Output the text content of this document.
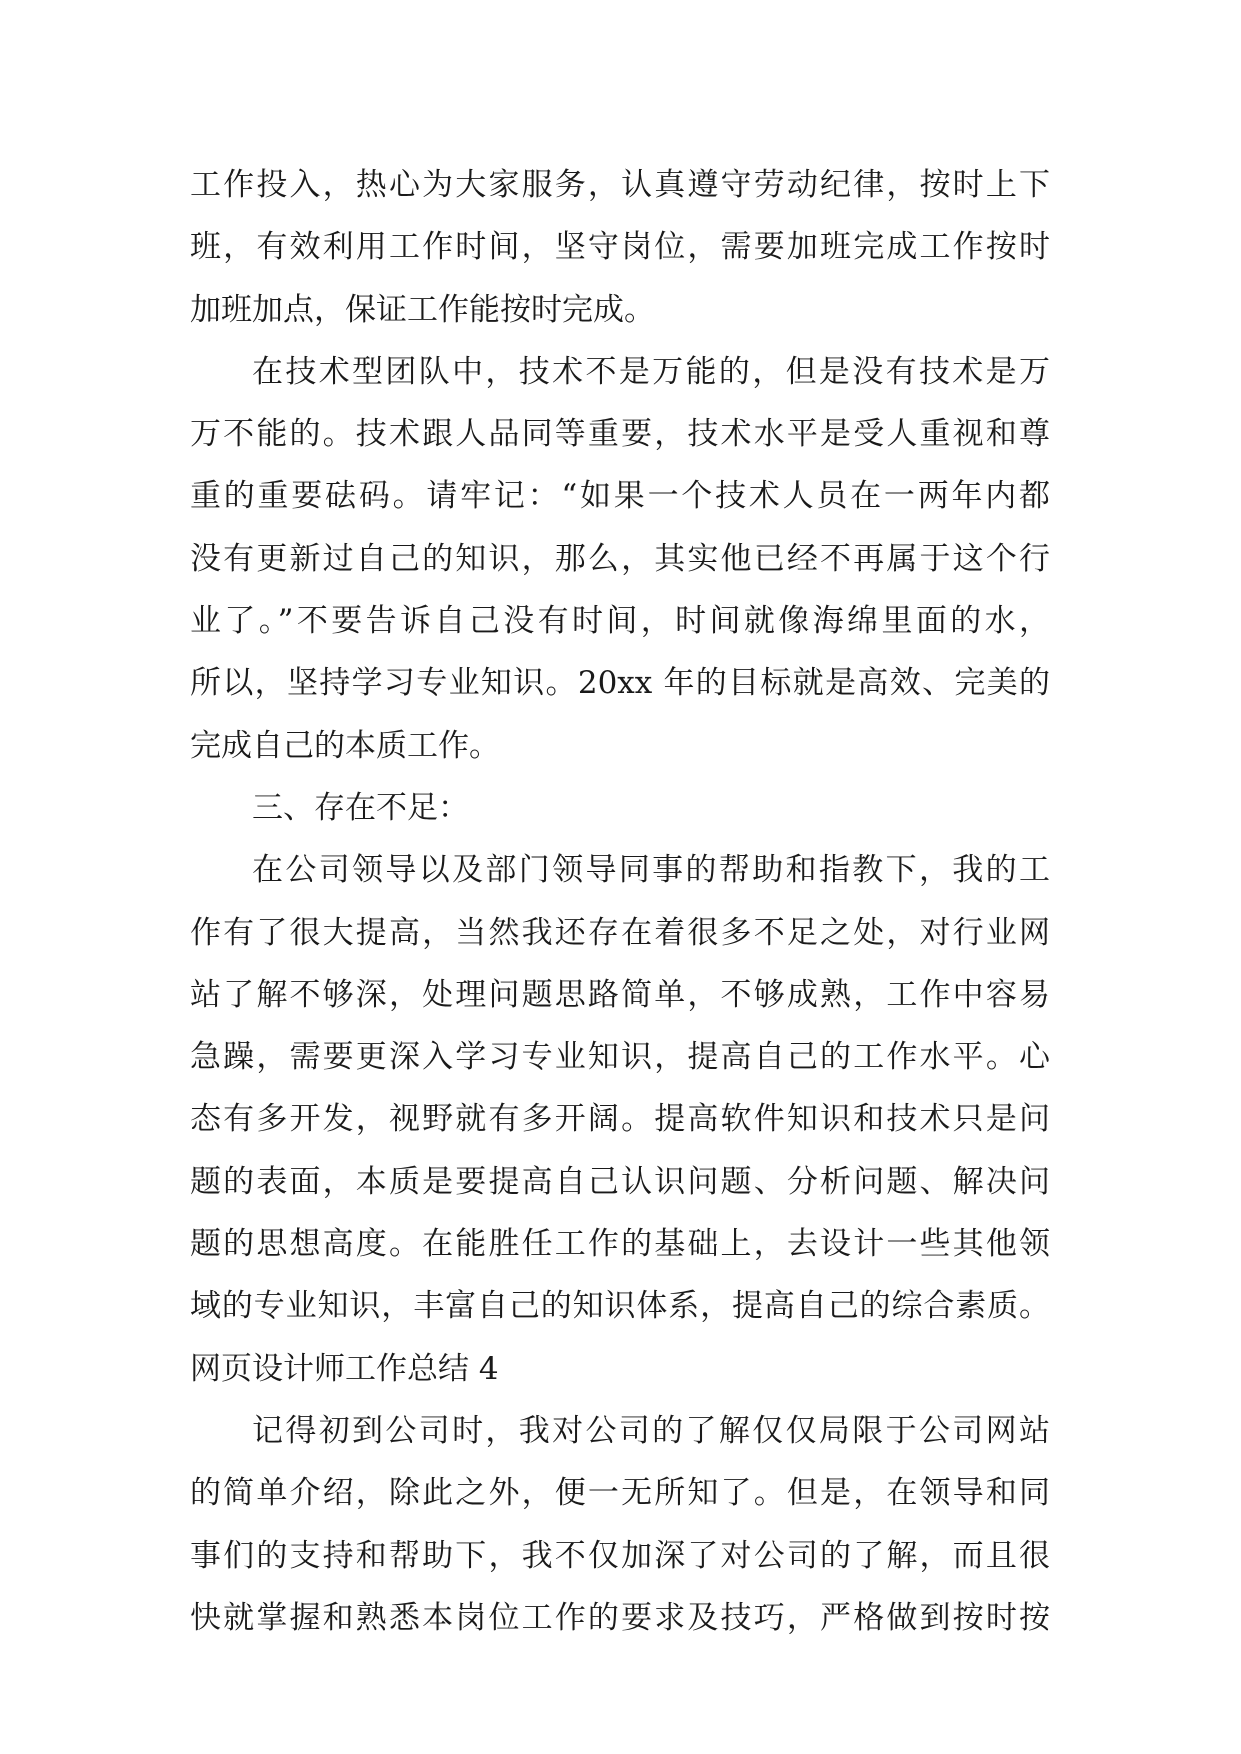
工作投入，热心为大家服务，认真遵守劳动纪律，按时上下
班，有效利用工作时间，坚守岗位，需要加班完成工作按时
加班加点，保证工作能按时完成。
在技术型团队中，技术不是万能的，但是没有技术是万
万不能的。技术跟人品同等重要，技术水平是受人重视和尊
重的重要砝码。请牢记：“如果一个技术人员在一两年内都
没有更新过自己的知识，那么，其实他已经不再属于这个行
业了。”不要告诉自己没有时间，时间就像海绵里面的水，
所以，坚持学习专业知识。20xx 年的目标就是高效、完美的
完成自己的本质工作。
三、存在不足：
在公司领导以及部门领导同事的帮助和指教下，我的工
作有了很大提高，当然我还存在着很多不足之处，对行业网
站了解不够深，处理问题思路简单，不够成熟，工作中容易
急躁，需要更深入学习专业知识，提高自己的工作水平。心
态有多开发，视野就有多开阔。提高软件知识和技术只是问
题的表面，本质是要提高自己认识问题、分析问题、解决问
题的思想高度。在能胜任工作的基础上，去设计一些其他领
域的专业知识，丰富自己的知识体系，提高自己的综合素质。
网页设计师工作总结 4
记得初到公司时，我对公司的了解仅仅局限于公司网站
的简单介绍，除此之外，便一无所知了。但是，在领导和同
事们的支持和帮助下，我不仅加深了对公司的了解，而且很
快就掌握和熟悉本岗位工作的要求及技巧，严格做到按时按
